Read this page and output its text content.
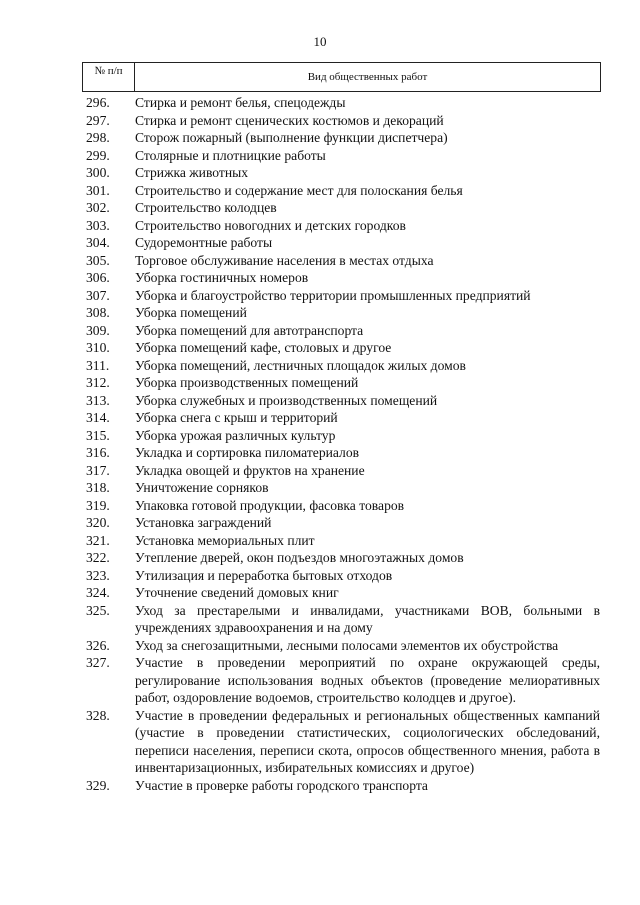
10
№ п/п	Вид общественных работ
296.	Стирка и ремонт белья, спецодежды
297.	Стирка и ремонт сценических костюмов и декораций
298.	Сторож пожарный (выполнение функции диспетчера)
299.	Столярные и плотницкие работы
300.	Стрижка животных
301.	Строительство и содержание мест для полоскания белья
302.	Строительство колодцев
303.	Строительство новогодних и детских городков
304.	Судоремонтные работы
305.	Торговое обслуживание населения в местах отдыха
306.	Уборка гостиничных номеров
307.	Уборка и благоустройство территории промышленных предприятий
308.	Уборка помещений
309.	Уборка помещений для автотранспорта
310.	Уборка помещений кафе, столовых и другое
311.	Уборка помещений, лестничных площадок жилых домов
312.	Уборка производственных помещений
313.	Уборка служебных и производственных помещений
314.	Уборка снега с крыш и территорий
315.	Уборка урожая различных культур
316.	Укладка и сортировка пиломатериалов
317.	Укладка овощей и фруктов на хранение
318.	Уничтожение сорняков
319.	Упаковка готовой продукции, фасовка товаров
320.	Установка заграждений
321.	Установка мемориальных плит
322.	Утепление дверей, окон подъездов многоэтажных домов
323.	Утилизация и переработка бытовых отходов
324.	Уточнение сведений домовых книг
325.	Уход за престарелыми и инвалидами, участниками ВОВ, больными в учреждениях здравоохранения и на дому
326.	Уход за снегозащитными, лесными полосами элементов их обустройства
327.	Участие в проведении мероприятий по охране окружающей среды, регулирование использования водных объектов (проведение мелиоративных работ, оздоровление водоемов, строительство колодцев и другое).
328.	Участие в проведении федеральных и региональных общественных кампаний (участие в проведении статистических, социологических обследований, переписи населения, переписи скота, опросов общественного мнения, работа в инвентаризационных, избирательных комиссиях и другое)
329.	Участие в проверке работы городского транспорта
